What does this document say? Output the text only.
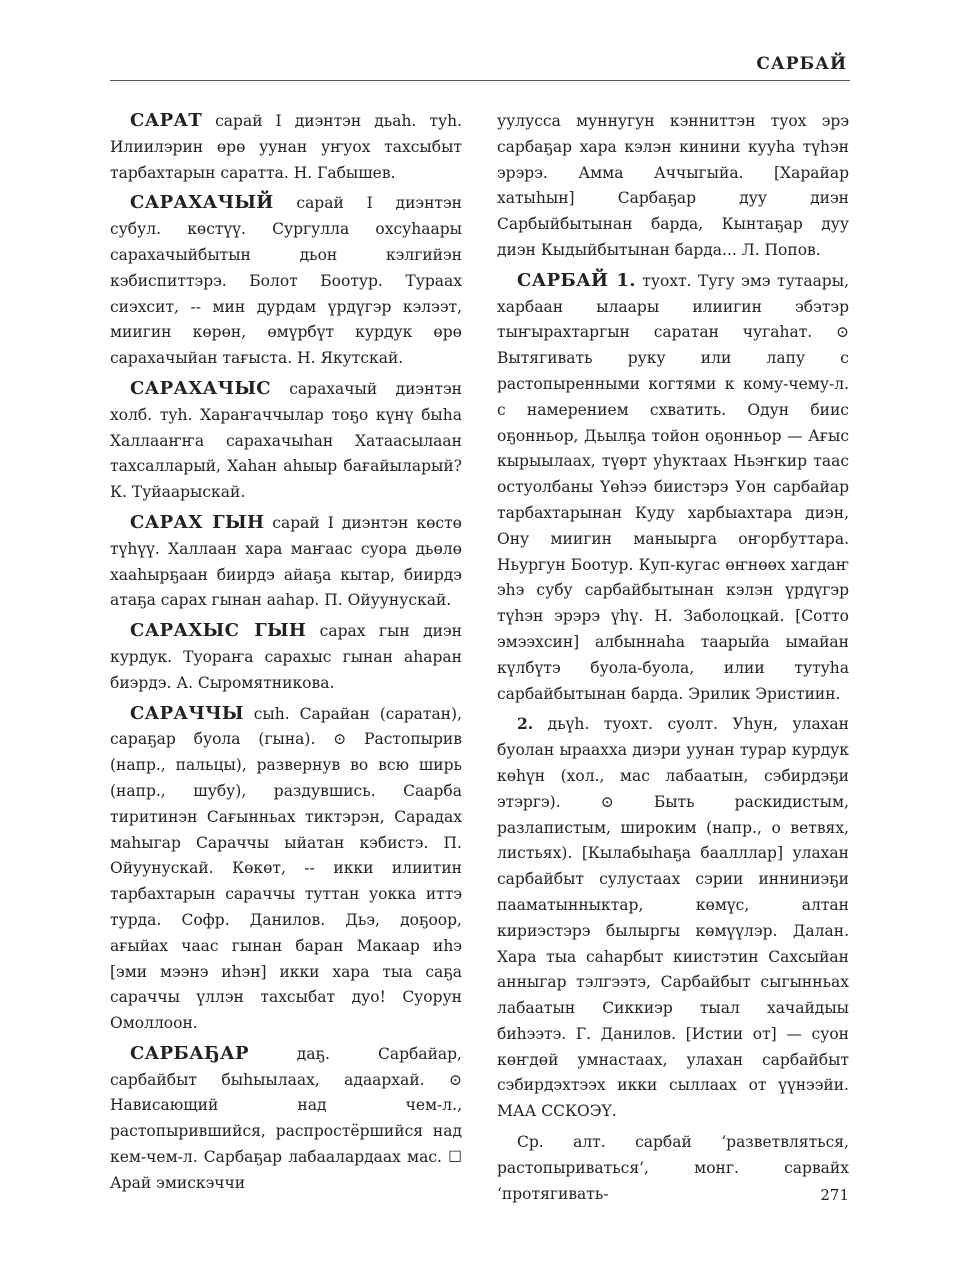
САРБАЙ

САРАТ сарай I диэнтэн дьаһ. туһ. Илиилэрин өрө уунан уҥуох тахсыбыт тарбахтарын саратта. Н. Габышев.

САРАХАЧЫЙ сарай I диэнтэн субул. көстүү. Сургулла охсуһаары сарахачыйбытын дьон кэлгийэн кэбиспиттэрэ. Болот Боотур. Тураах сиэхсит, -- мин дурдам үрдүгэр кэлээт, миигин көрөн, өмүрбүт курдук өрө сарахачыйан тағыста. Н. Якутскай.

САРАХАЧЫС сарахачый диэнтэн холб. туһ. Хараҥаччылар тоҕо күнү быһа Халлааҥҥа сарахачыһан Хатаасылаан тахсалларый, Хаһан аһыыр бағайыларый? К. Туйаарыскай.

САРАХ ГЫН сарай I диэнтэн көстө түһүү. Халлаан хара маҥаас суора дьөлө хааһырҕаан биирдэ айаҕа кытар, биирдэ атаҕа сарах гынан ааһар. П. Ойуунускай.

САРАХЫС ГЫН сарах гын диэн курдук. Туораҥа сарахыс гынан аһаран биэрдэ. А. Сыромятникова.

САРАЧЧЫ сыһ. Сарайан (саратан), сараҕар буола (гына). ⊙ Растопырив (напр., пальцы), развернув во всю ширь (напр., шубу), раздувшись. Саарба тиритинэн Сағынньах тиктэрэн, Сарадах маһыгар Сараччы ыйатан кэбистэ. П. Ойуунускай. Көкөт, -- икки илиитин тарбахтарын сараччы туттан уокка иттэ турда. Софр. Данилов. Дьэ, доҕоор, ағыйах чаас гынан баран Макаар иһэ [эми мээнэ иһэн] икки хара тыа саҕа сараччы үллэн тахсыбат дуо! Суорун Омоллоон.

САРБАҔАР даҕ. Сарбайар, сарбайбыт быһыылаах, адаархай. ⊙ Нависающий над чем-л., растопырившийся, распростёршийся над кем-чем-л. Сарбаҕар лабаалардаах мас. ☐ Арай эмискэччи

уулусса муннугун кэнниттэн туох эрэ сарбаҕар хара кэлэн кинини кууһа түһэн эрэрэ. Амма Аччыгыйа. [Харайар хатыһын] Сарбаҕар дуу диэн Сарбыйбытынан барда, Кынтаҕар дуу диэн Кыдыйбытынан барда... Л. Попов.

САРБАЙ 1. туохт. Тугу эмэ тутаары, харбаан ылаары илиигин эбэтэр тыҥырахтаргын саратан чугаһат. ⊙ Вытягивать руку или лапу с растопыренными когтями к кому-чему-л. с намерением схватить. Одун биис оҕонньор, Дьылҕа тойон оҕонньор — Ағыс кырыылаах, түөрт уһуктаах Ньэҥкир таас остуолбаны Үөһээ биистэрэ Уон сарбайар тарбахтарынан Куду харбыахтара диэн, Ону миигин маныырга оҥорбуттара. Ньургун Боотур. Куп-кугас өҥнөөх хагдаҥ эһэ субу сарбайбытынан кэлэн үрдүгэр түһэн эрэрэ үһү. Н. Заболоцкай. [Сотто эмээхсин] албыннаһа таарыйа ымайан күлбүтэ буола-буола, илии тутуһа сарбайбытынан барда. Эрилик Эристиин.

2. дьүһ. туохт. суолт. Уһун, улахан буолан ыраахха диэри уунан турар курдук көһүн (хол., мас лабаатын, сэбирдэҕи этэргэ). ⊙ Быть раскидистым, разлапистым, широким (напр., о ветвях, листьях). [Кылабыһаҕа баалллар] улахан сарбайбыт сулустаах сэрии инниниэҕи пааматынныктар, көмүс, алтан кириэстэрэ былыргы көмүүлэр. Далан. Хара тыа саһарбыт киистэтин Сахсыйан анныгар тэлгээтэ, Сарбайбыт сыгынньах лабаатын Сиккиэр тыал хачайдыы биһээтэ. Г. Данилов. [Истии от] — суон көҥдөй умнастаах, улахан сарбайбыт сэбирдэхтээх икки сыллаах от үүнээйи. МАА ССКОЭҮ.

Ср. алт. сарбай ‘разветвляться, растопыриваться’, монг. сарвайх ‘протягивать-	271
